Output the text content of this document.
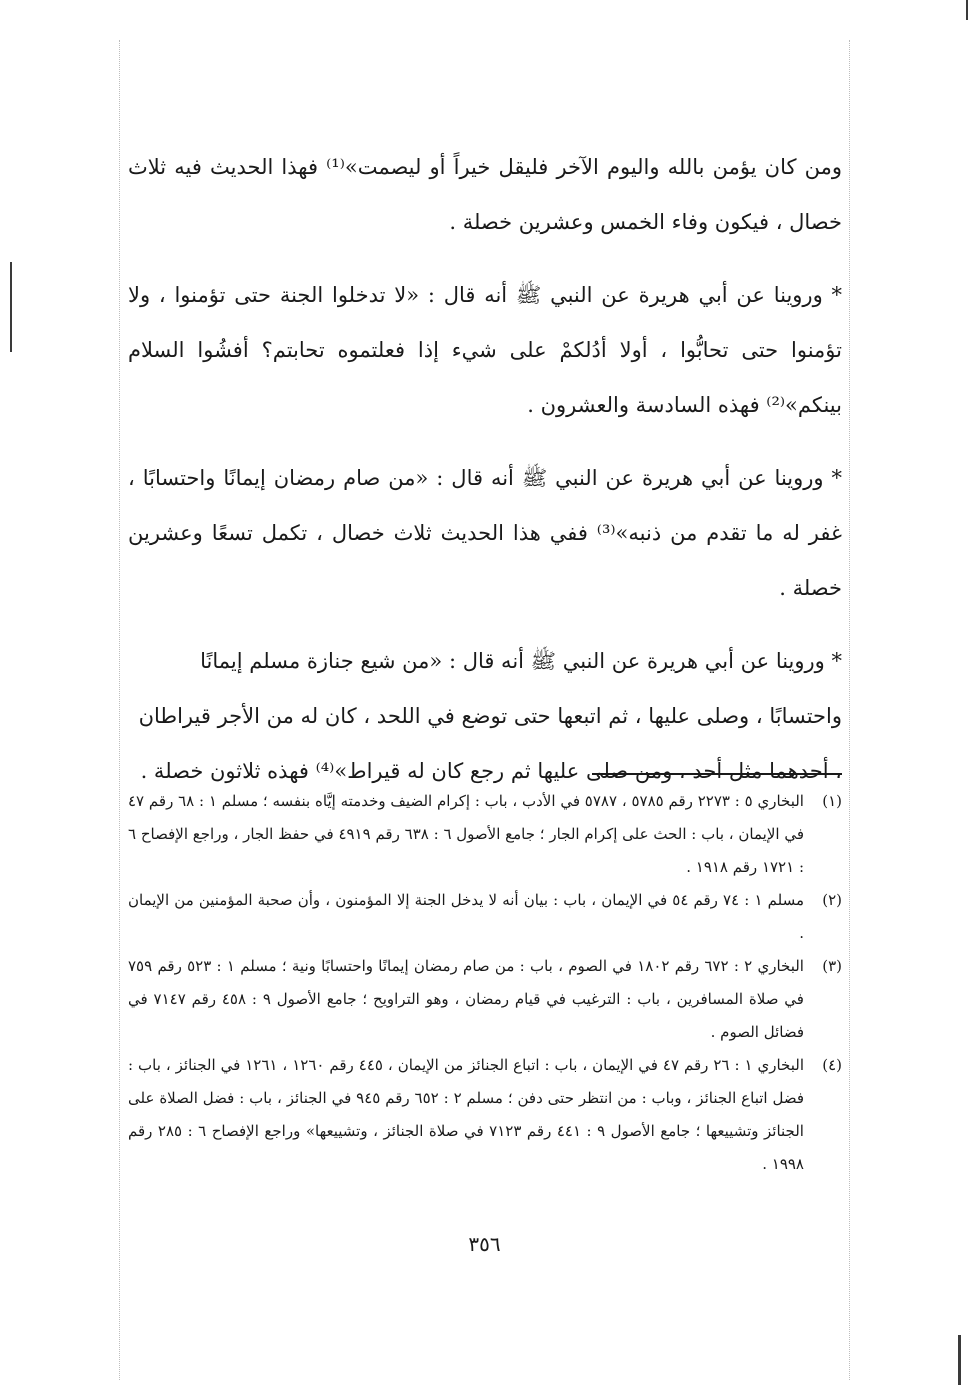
ومن كان يؤمن بالله واليوم الآخر فليقل خيراً أو ليصمت»⁽¹⁾ فهذا الحديث فيه ثلاث خصال ، فيكون وفاء الخمس وعشرين خصلة .

* وروينا عن أبي هريرة عن النبي ﷺ أنه قال : «لا تدخلوا الجنة حتى تؤمنوا ، ولا تؤمنوا حتى تحابُّوا ، أولا أدُلكمْ على شيء إذا فعلتموه تحابتم؟ أفشُوا السلام بينكم»⁽²⁾ فهذه السادسة والعشرون .

* وروينا عن أبي هريرة عن النبي ﷺ أنه قال : «من صام رمضان إيمانًا واحتسابًا ، غفر له ما تقدم من ذنبه»⁽³⁾ ففي هذا الحديث ثلاث خصال ، تكمل تسعًا وعشرين خصلة .

* وروينا عن أبي هريرة عن النبي ﷺ أنه قال : «من شيع جنازة مسلم إيمانًا واحتسابًا ، وصلى عليها ، ثم اتبعها حتى توضع في اللحد ، كان له من الأجر قيراطان ، أحدهما مثل أحد ، ومن صلى عليها ثم رجع كان له قيراط»⁽⁴⁾ فهذه ثلاثون خصلة .

(١)
البخاري ٥ : ٢٢٧٣ رقم ٥٧٨٥ ، ٥٧٨٧ في الأدب ، باب : إكرام الضيف وخدمته إيَّاه بنفسه ؛ مسلم ١ : ٦٨ رقم ٤٧ في الإيمان ، باب : الحث على إكرام الجار ؛ جامع الأصول ٦ : ٦٣٨ رقم ٤٩١٩ في حفظ الجار ، وراجع الإفصاح ٦ : ١٧٢١ رقم ١٩١٨ .
(٢)
مسلم ١ : ٧٤ رقم ٥٤ في الإيمان ، باب : بيان أنه لا يدخل الجنة إلا المؤمنون ، وأن صحبة المؤمنين من الإيمان .
(٣)
البخاري ٢ : ٦٧٢ رقم ١٨٠٢ في الصوم ، باب : من صام رمضان إيمانًا واحتسابًا ونية ؛ مسلم ١ : ٥٢٣ رقم ٧٥٩ في صلاة المسافرين ، باب : الترغيب في قيام رمضان ، وهو التراويح ؛ جامع الأصول ٩ : ٤٥٨ رقم ٧١٤٧ في فضائل الصوم .
(٤)
البخاري ١ : ٢٦ رقم ٤٧ في الإيمان ، باب : اتباع الجنائز من الإيمان ، ٤٤٥ رقم ١٢٦٠ ، ١٢٦١ في الجنائز ، باب : فضل اتباع الجنائز ، وباب : من انتظر حتى دفن ؛ مسلم ٢ : ٦٥٢ رقم ٩٤٥ في الجنائز ، باب : فضل الصلاة على الجنائز وتشييعها ؛ جامع الأصول ٩ : ٤٤١ رقم ٧١٢٣ في صلاة الجنائز ، وتشييعها» وراجع الإفصاح ٦ : ٢٨٥ رقم ١٩٩٨ .
٣٥٦
